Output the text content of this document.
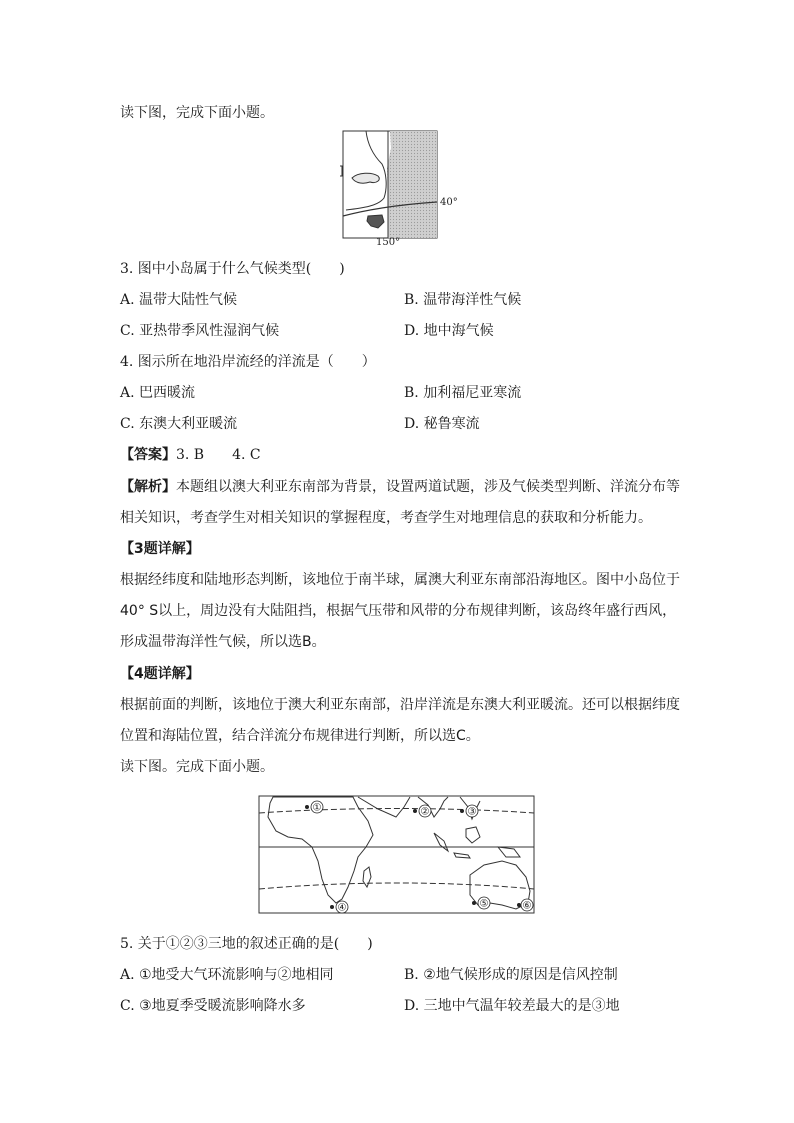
读下图，完成下面小题。
40°
150°
3. 图中小岛属于什么气候类型(　　)
A. 温带大陆性气候	B. 温带海洋性气候
C. 亚热带季风性湿润气候	D. 地中海气候
4. 图示所在地沿岸流经的洋流是（　　）
A. 巴西暖流	B. 加利福尼亚寒流
C. 东澳大利亚暖流	D. 秘鲁寒流
【答案】3. B　　4. C
【解析】本题组以澳大利亚东南部为背景，设置两道试题，涉及气候类型判断、洋流分布等
相关知识，考查学生对相关知识的掌握程度，考查学生对地理信息的获取和分析能力。
【3题详解】
根据经纬度和陆地形态判断，该地位于南半球，属澳大利亚东南部沿海地区。图中小岛位于
40° S以上，周边没有大陆阻挡，根据气压带和风带的分布规律判断，该岛终年盛行西风，
形成温带海洋性气候，所以选B。
【4题详解】
根据前面的判断，该地位于澳大利亚东南部，沿岸洋流是东澳大利亚暖流。还可以根据纬度
位置和海陆位置，结合洋流分布规律进行判断，所以选C。
读下图。完成下面小题。
①	②	③
④	⑤	⑥
5. 关于①②③三地的叙述正确的是(　　)
A. ①地受大气环流影响与②地相同	B. ②地气候形成的原因是信风控制
C. ③地夏季受暖流影响降水多	D. 三地中气温年较差最大的是③地
